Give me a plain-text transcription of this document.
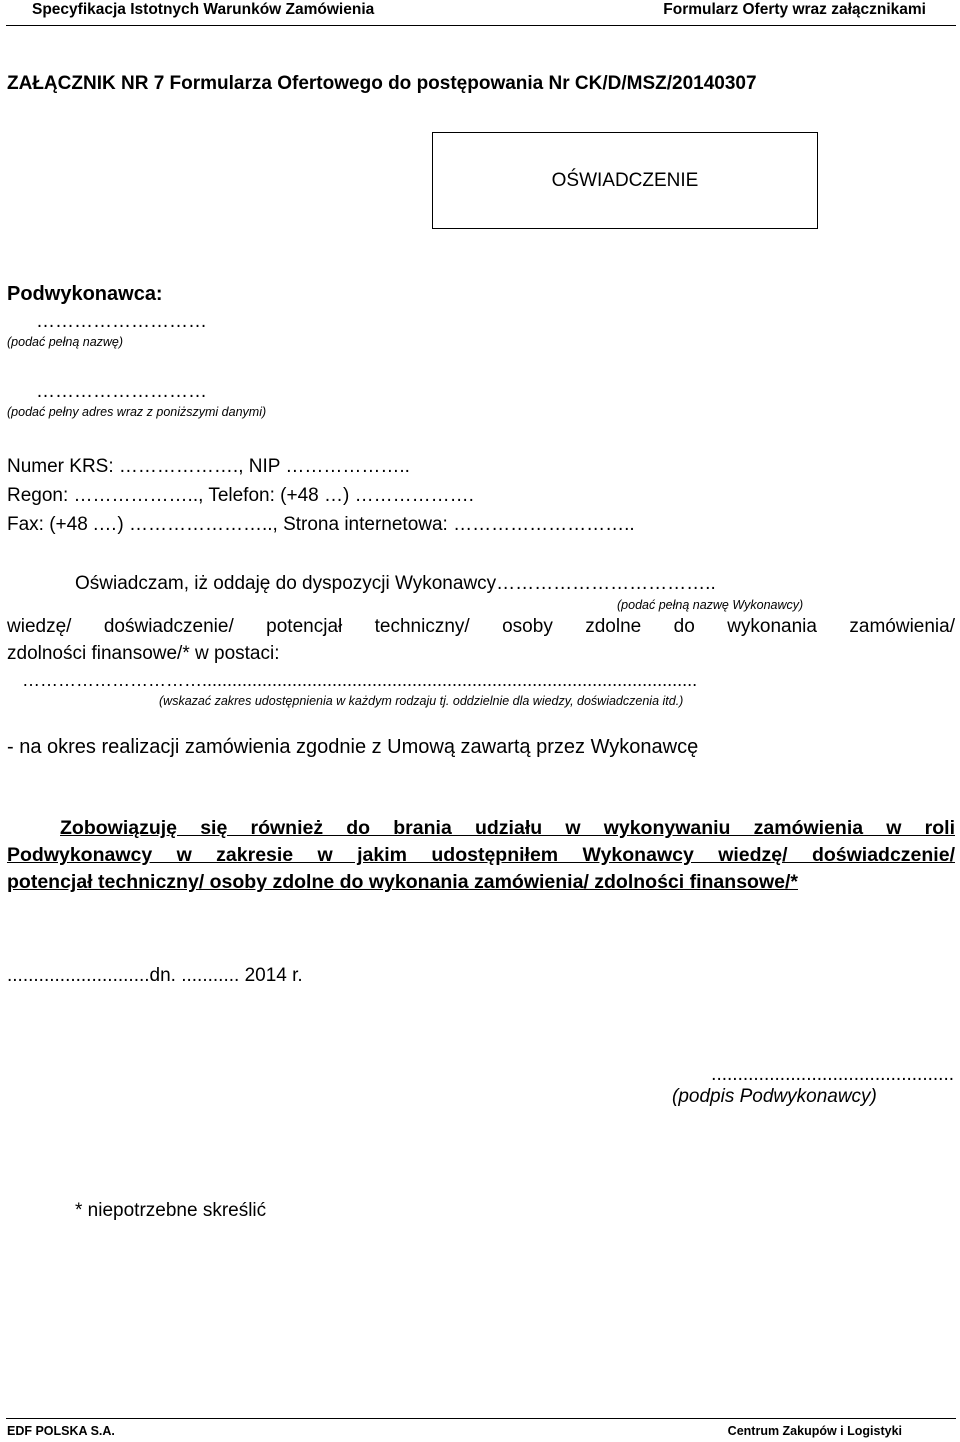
Specyfikacja Istotnych Warunków Zamówienia	Formularz Oferty wraz załącznikami
ZAŁĄCZNIK NR 7 Formularza Ofertowego do postępowania Nr CK/D/MSZ/20140307
OŚWIADCZENIE
Podwykonawca:
………………………
(podać pełną nazwę)
………………………
(podać pełny adres wraz z poniższymi danymi)
Numer KRS: ………………., NIP ………………..
Regon: ……………….., Telefon: (+48 …) ……………….
Fax: (+48 .…) ………………….., Strona internetowa: ………………………..
Oświadczam, iż oddaję do dyspozycji Wykonawcy……………………………..
(podać pełną nazwę Wykonawcy)
wiedzę/ doświadczenie/ potencjał techniczny/ osoby zdolne do wykonania zamówienia/
zdolności finansowe/* w postaci:
…………………………...................................................................................................
(wskazać zakres udostępnienia w każdym rodzaju tj. oddzielnie dla wiedzy, doświadczenia itd.)
- na okres realizacji zamówienia zgodnie z Umową zawartą przez Wykonawcę
Zobowiązuję się również do brania udziału w wykonywaniu zamówienia w roli
Podwykonawcy w zakresie w jakim udostępniłem Wykonawcy wiedzę/ doświadczenie/
potencjał techniczny/ osoby zdolne do wykonania zamówienia/ zdolności finansowe/*
...........................dn. ........... 2014 r.
..............................................
(podpis Podwykonawcy)
* niepotrzebne skreślić
EDF POLSKA S.A.	Centrum Zakupów i Logistyki
